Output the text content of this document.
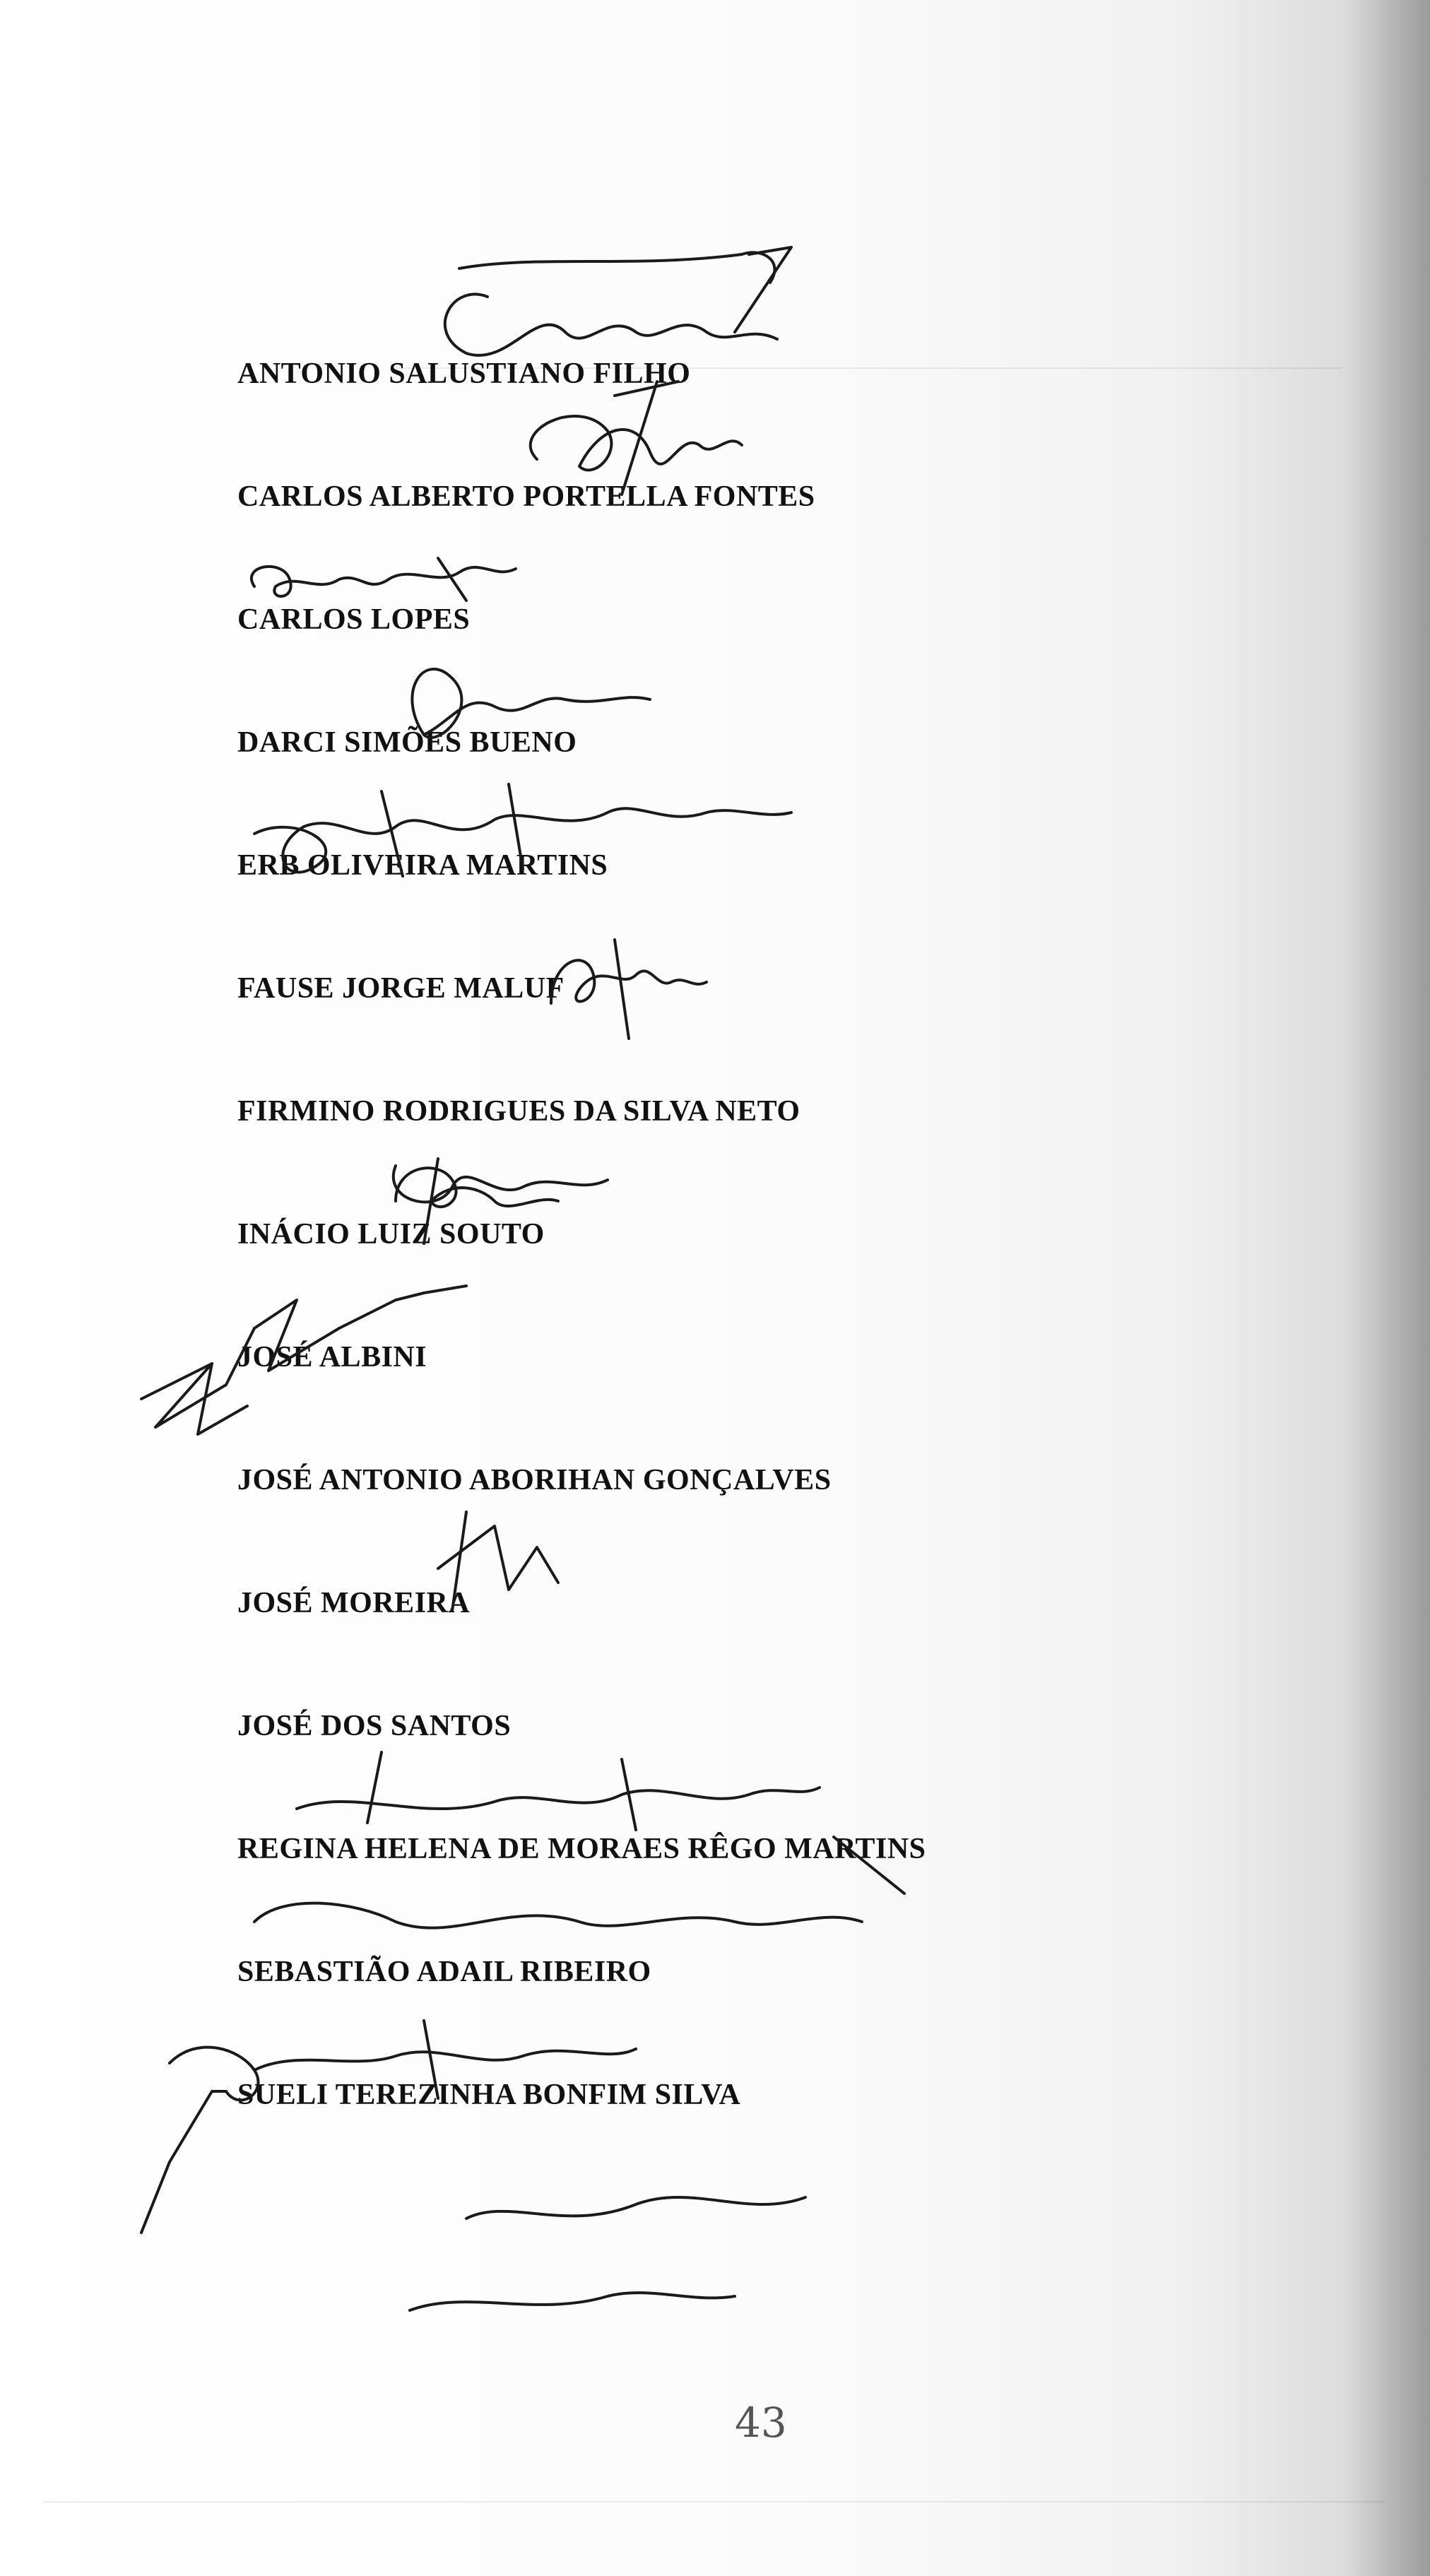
ANTONIO SALUSTIANO FILHO
CARLOS ALBERTO PORTELLA FONTES
CARLOS LOPES
DARCI SIMÕES BUENO
ERB OLIVEIRA MARTINS
FAUSE JORGE MALUF
FIRMINO RODRIGUES DA SILVA NETO
INÁCIO LUIZ SOUTO
JOSÉ ALBINI
JOSÉ ANTONIO ABORIHAN GONÇALVES
JOSÉ MOREIRA
JOSÉ DOS SANTOS
REGINA HELENA DE MORAES RÊGO MARTINS
SEBASTIÃO ADAIL RIBEIRO
SUELI TEREZINHA BONFIM SILVA
43
